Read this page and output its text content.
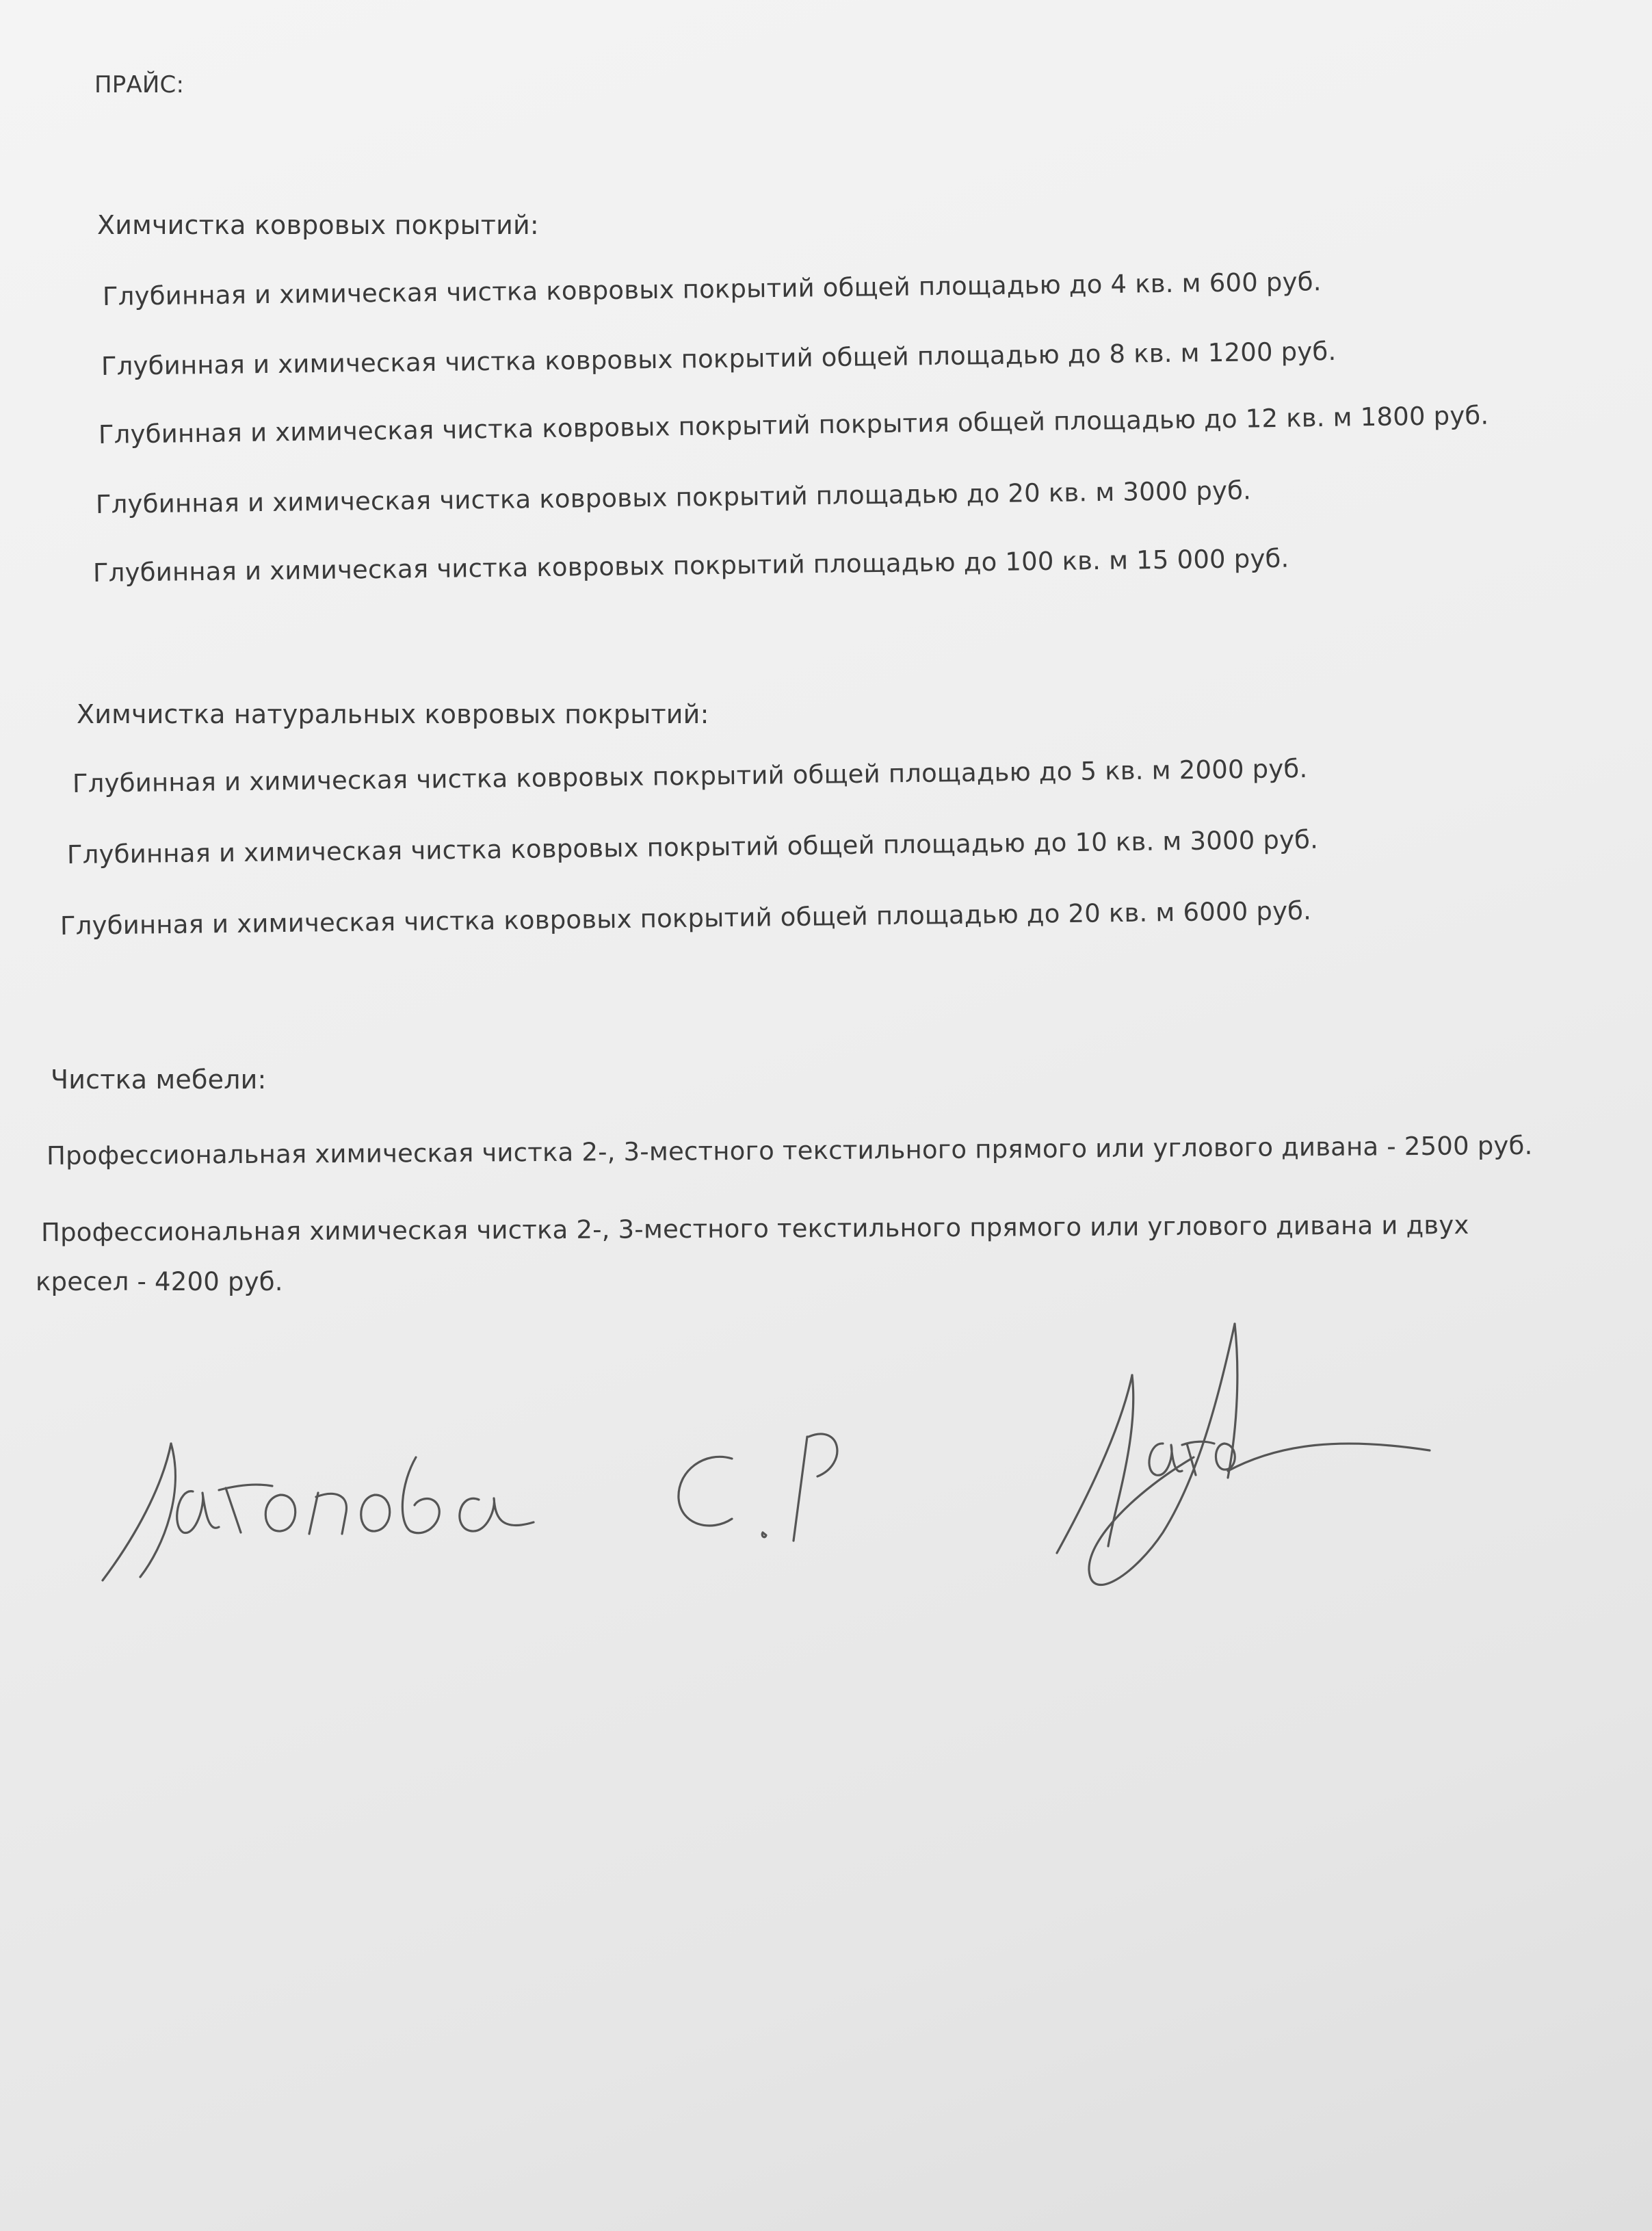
ПРАЙС:
Химчистка ковровых покрытий:
Глубинная и химическая чистка ковровых покрытий общей площадью до 4 кв. м 600 руб.
Глубинная и химическая чистка ковровых покрытий общей площадью до 8 кв. м 1200 руб.
Глубинная и химическая чистка ковровых покрытий покрытия общей площадью до 12 кв. м 1800 руб.
Глубинная и химическая чистка ковровых покрытий площадью до 20 кв. м 3000 руб.
Глубинная и химическая чистка ковровых покрытий площадью до 100 кв. м 15 000 руб.
Химчистка натуральных ковровых покрытий:
Глубинная и химическая чистка ковровых покрытий общей площадью до 5 кв. м 2000 руб.
Глубинная и химическая чистка ковровых покрытий общей площадью до 10 кв. м 3000 руб.
Глубинная и химическая чистка ковровых покрытий общей площадью до 20 кв. м 6000 руб.
Чистка мебели:
Профессиональная химическая чистка 2-, 3-местного текстильного прямого или углового дивана - 2500 руб.
Профессиональная химическая чистка 2-, 3-местного текстильного прямого или углового дивана и двух
кресел - 4200 руб.
